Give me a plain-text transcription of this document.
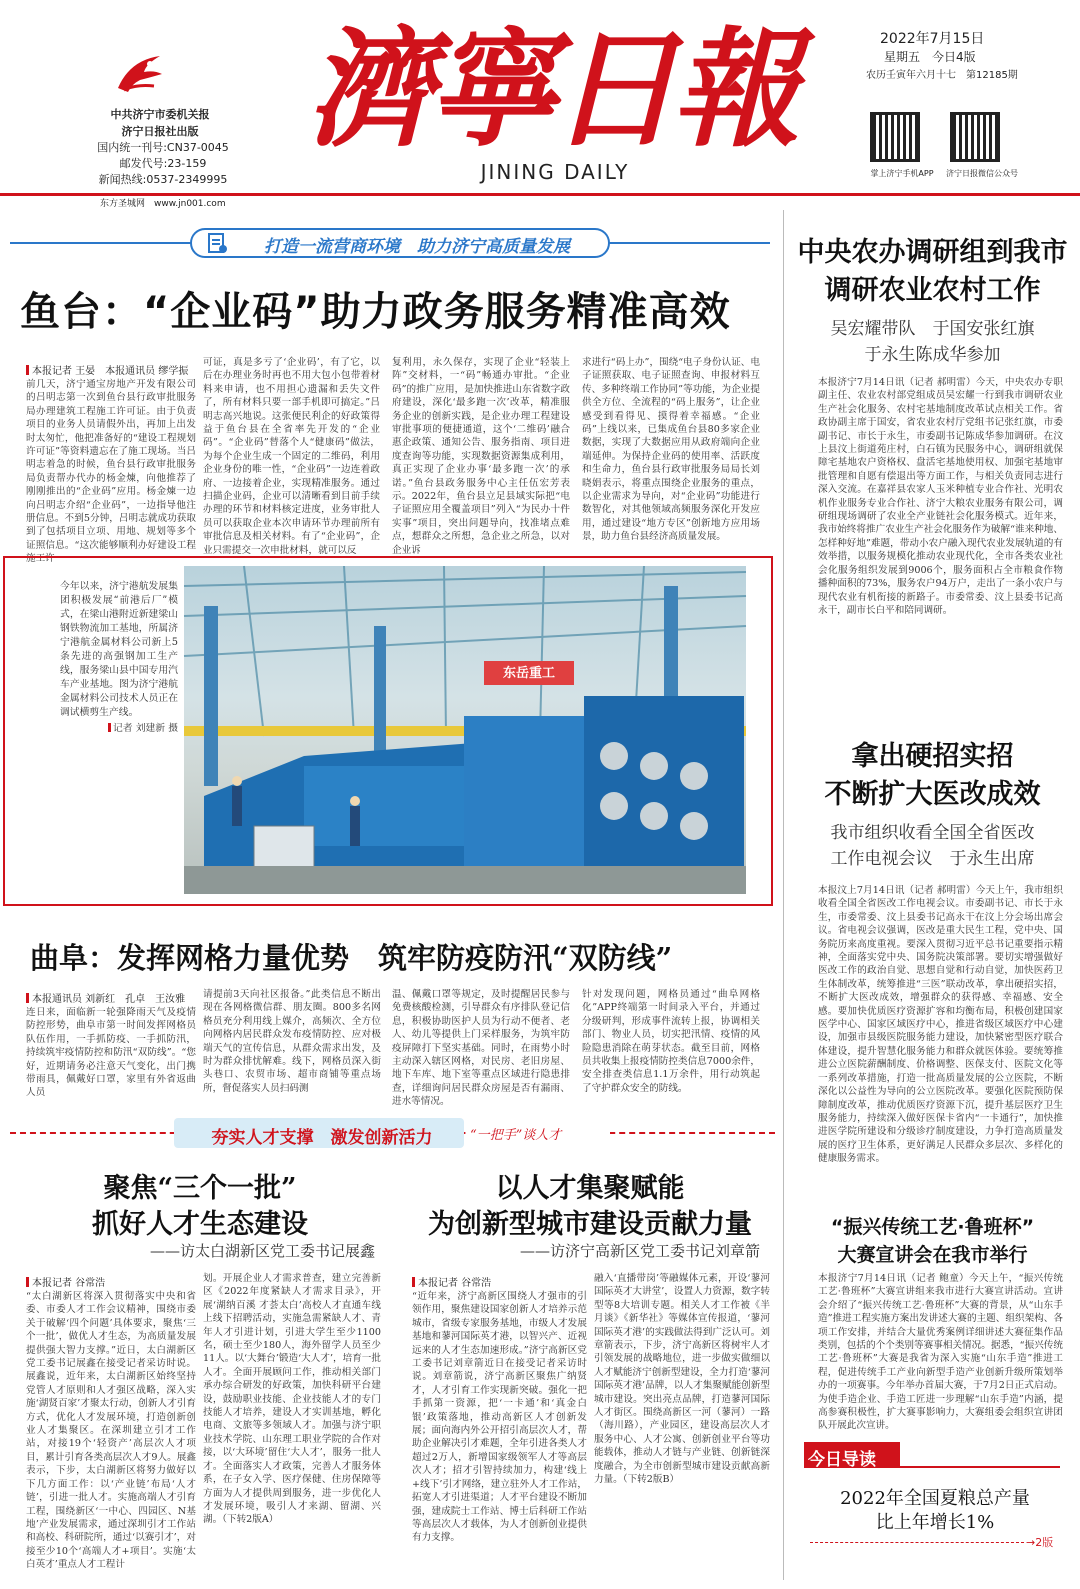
中共济宁市委机关报
济宁日报社出版
国内统一刊号:CN37-0045
邮发代号:23-159
新闻热线:0537-2349995
濟寧日報
JINING DAILY
2022年7月15日
星期五　今日4版
农历壬寅年六月十七　第12185期
掌上济宁手机APP	济宁日报微信公众号
东方圣城网　www.jn001.com
打造一流营商环境　助力济宁高质量发展
鱼台：“企业码”助力政务服务精准高效
本报记者 王晏　本报通讯员 缪学振
前几天，济宁通宝房地产开发有限公司的吕明志第一次到鱼台县行政审批服务局办理建筑工程施工许可证。由于负责项目的业务人员请假外出，再加上出发时太匆忙，他把准备好的“建设工程规划许可证”等资料遗忘在了施工现场。当吕明志着急的时候，鱼台县行政审批服务局负责帮办代办的杨金煉，向他推荐了刚刚推出的“企业码”应用。杨金煉一边向吕明志介绍“企业码”，一边指导他注册信息。不到5分钟，吕明志就成功获取到了包括项目立项、用地、规划等多个证照信息。“这次能够顺利办好建设工程施工许
可证，真是多亏了‘企业码’，有了它，以后在办理业务时再也不用大包小包带着材料来申请，也不用担心遗漏和丢失文件了，所有材料只要一部手机即可搞定。”吕明志高兴地说。这张便民利企的好政策得益于鱼台县在全省率先开发的“企业码”。“企业码”替落个人“健康码”做法，为每个企业生成一个固定的二维码，利用企业身份的唯一性，“企业码”一边连着政府、一边接着企业，实现精准服务。通过扫描企业码，企业可以清晰看到目前手续办理的环节和材料核定进度，业务审批人员可以获取企业本次申请环节办理前所有审批信息及相关材料。有了“企业码”，企业只需提交一次申批材料，就可以反
复利用，永久保存，实现了企业“轻装上阵”交材料，一“码”畅通办审批。“企业码”的推广应用，是加快推进山东省数字政府建设，深化‘最多跑一次’改革，精准服务企业的创新实践，是企业办理工程建设审批事项的便捷通道，这个‘二维码’融合惠企政策、通知公告、服务指南、项目进度查询等功能，实现数据资源集成利用，真正实现了企业办事‘最多跑一次’的承诺。”鱼台县政务服务中心主任伍宏芳表示。2022年，鱼台县立足县域实际把“电子证照应用全覆盖项目”列入“为民办十件实事”项目，突出问题导向，找准堵点难点，想群众之所想，急企业之所急，以对企业诉
求进行“码上办”，围绕“电子身份认证、电子证照获取、电子证照查询、申报材料互传、多种终端工作协同”等功能，为企业提供全方位、全流程的“码上服务”，让企业感受到看得见、摸得着幸福感。“企业码”上线以来，已集成鱼台县80多家企业数据，实现了大数据应用从政府端向企业端延伸。为保持企业码的使用率、活跃度和生命力，鱼台县行政审批服务局局长刘晓娟表示，将重点围绕企业服务的重点，以企业需求为导向，对“企业码”功能进行数智化，对其他领域高频服务深化开发应用，通过建设“地方专区”创新地方应用场景，助力鱼台县经济高质量发展。
今年以来，济宁港航发展集团积极发展“前港后厂”模式，在梁山港附近新建梁山钢铁物流加工基地，所属济宁港航金属材料公司新上5条先进的高强钢加工生产线，服务梁山县中国专用汽车产业基地。图为济宁港航金属材料公司技术人员正在调试横剪生产线。
记者 刘建新 摄
东岳重工
曲阜：发挥网格力量优势　筑牢防疫防汛“双防线”
本报通讯员 刘新红　孔卓　王汝雅
连日来，面临新一轮强降雨天气及疫情防控形势，曲阜市第一时间发挥网格员队伍作用，一手抓防疫、一手抓防汛，持续筑牢疫情防控和防汛“双防线”。“您好，近期请务必注意天气变化，出门携带雨具，佩戴好口罩，家里有外省返曲人员
请提前3天向社区报备。”此类信息不断出现在各网格微信群、朋友圈。800多名网格员充分利用线上媒介，高频次、全方位向网格内居民群众发布疫情防控、应对极端天气的宣传信息，从群众需求出发，及时为群众排忧解难。线下，网格员深入街头巷口、农贸市场、超市商铺等重点场所，督促落实人员扫码测
温、佩戴口罩等规定，及时提醒居民参与免费核酸检测，引导群众有序排队登记信息，积极协助医护人员为行动不便者、老人、幼儿等提供上门采样服务，为筑牢防疫屏障打下坚实基础。同时，在雨势小时主动深入辖区网格，对民房、老旧房屋、地下车库、地下室等重点区域进行隐患排查，详细询问居民群众房屋是否有漏雨、进水等情况。
针对发现问题，网格员通过“曲阜网格化”APP终端第一时间录入平台，并通过分级研判，形成事件流转上报，协调相关部门、物业人员，切实把汛情、疫情的风险隐患消除在萌芽状态。截至目前，网格员共收集上报疫情防控类信息7000余件，安全排查类信息1.1万余件，用行动筑起了守护群众安全的防线。
夯实人才支撑　激发创新活力	“一把手”谈人才
聚焦“三个一批”
抓好人才生态建设
——访太白湖新区党工委书记展鑫
本报记者 谷常浩
“太白湖新区将深入贯彻落实中央和省委、市委人才工作会议精神，围绕市委关于破解‘四个问题’具体要求，聚焦‘三个一批’，做优人才生态，为高质量发展提供强大智力支撑。”近日，太白湖新区党工委书记展鑫在接受记者采访时说。展鑫说，近年来，太白湖新区始终坚持党管人才原则和人才强区战略，深入实施‘湖贤百家’才聚太行动，创新人才引育方式，优化人才发展环境，打造创新创业人才集聚区。在深圳建立引才工作站，对接19个‘轻资产’高层次人才项目，累计引育各类高层次人才9人。展鑫表示，下步，太白湖新区将努力做好以下几方面工作：以‘产业链’布局‘人才链’，引进一批人才。实施高端人才引育工程，围绕新区‘一中心、四园区、N基地’产业发展需求，通过深圳引才工作站和高校、科研院所，通过‘以赛引才’，对接至少10个‘高端人才+项目’。实施‘太白英才’重点人才工程计
划。开展企业人才需求普查，建立完善新区《2022年度紧缺人才需求目录》，开展‘湖纳百溪 才荟太白’高校人才直通车线上线下招聘活动，实施急需紧缺人才、青年人才引进计划，引进大学生至少1100名，硕士至少180人，海外留学人员至少11人。以‘大舞台’锻造‘大人才’，培育一批人才。全面开展顾问工作，推动相关部门承办综合研发的好政策，加快科研平台建设，鼓励职业技能、企业技能人才的专门技能人才培养，建设人才实训基地，孵化电商、文旅等多领域人才。加强与济宁职业技术学院、山东理工职业学院的合作对接，以‘大环境’留住‘大人才’，服务一批人才。全面落实人才政策，完善人才服务体系，在子女入学、医疗保健、住房保障等方面为人才提供周到服务，进一步优化人才发展环境，吸引人才来湖、留湖、兴湖。（下转2版A）
以人才集聚赋能
为创新型城市建设贡献力量
——访济宁高新区党工委书记刘章箭
本报记者 谷常浩
“近年来，济宁高新区围绕人才强市的引领作用，聚焦建设国家创新人才培养示范城市，省级专家服务基地，市级人才发展基地和蓼河国际英才港，以智兴产、近视远来的人才生态加速形成。”济宁高新区党工委书记刘章箭近日在接受记者采访时说。刘章箭说，济宁高新区聚焦广纳贤才，人才引育工作实现新突破。强化一把手抓第一资源，把‘一卡通’和‘真金白银’政策落地，推动高新区人才创新发展；面向海内外公开招引高层次人才，帮助企业解决引才难题，全年引进各类人才超过2万人，新增国家级领军人才等高层次人才；招才引智持续加力，构建‘线上+线下’引才网络，建立驻外人才工作站，拓宽人才引进渠道；人才平台建设不断加强，建成院士工作站、博士后科研工作站等高层次人才载体，为人才创新创业提供有力支撑。
融入‘直播带岗’等融媒体元素，开设‘蓼河国际英才大讲堂’，设置人力资源，数字转型等8大培训专题。相关人才工作被《半月谈》《新华社》等媒体宣传报道，‘蓼河国际英才港’的实践做法得到广泛认可。刘章箭表示，下步，济宁高新区将树牢人才引领发展的战略地位，进一步做实做细以人才赋能济宁创新型建设，全力打造‘蓼河国际英才港’品牌，以人才集聚赋能创新型城市建设。突出亮点品牌，打造蓼河国际人才街区。围绕高新区一河（蓼河）一路（海川路），产业园区，建设高层次人才服务中心、人才公寓、创新创业平台等功能载体，推动人才链与产业链、创新链深度融合，为全市创新型城市建设贡献高新力量。（下转2版B）
中央农办调研组到我市
调研农业农村工作
吴宏耀带队　于国安张红旗
于永生陈成华参加
本报济宁7月14日讯（记者 郝明雷）今天，中央农办专职副主任、农业农村部党组成员吴宏耀一行到我市调研农业生产社会化服务、农村宅基地制度改革试点相关工作。省政协副主席于国安，省农业农村厅党组书记张红旗，市委副书记、市长于永生，市委副书记陈成华参加调研。在汶上县汶上街道苑庄村，白石镇为民服务中心，调研组就保障宅基地农户资格权、盘活宅基地使用权、加强宅基地审批管理和自愿有偿退出等方面工作，与相关负责同志进行深入交流。在嘉祥县农家人玉米种植专业合作社、光明农机作业服务专业合作社、济宁大粮农业服务有限公司，调研组现场调研了农业全产业链社会化服务模式。近年来，我市始终将推广农业生产社会化服务作为破解“谁来种地、怎样种好地”难题，带动小农户融入现代农业发展轨道的有效举措，以服务规模化推动农业现代化，全市各类农业社会化服务组织发展到9006个，服务面积占全市粮食作物播种面积的73%，服务农户94万户，走出了一条小农户与现代农业有机衔接的新路子。市委常委、汶上县委书记高永干，副市长白平和陪同调研。
拿出硬招实招
不断扩大医改成效
我市组织收看全国全省医改
工作电视会议　于永生出席
本报汶上7月14日讯（记者 郝明雷）今天上午，我市组织收看全国全省医改工作电视会议。市委副书记、市长于永生，市委常委、汶上县委书记高永干在汶上分会场出席会议。省电视会议强调，医改是重大民生工程，党中央、国务院历来高度重视。要深入贯彻习近平总书记重要指示精神，全面落实党中央、国务院决策部署。要切实增强做好医改工作的政治自觉、思想自觉和行动自觉，加快医药卫生体制改革，统筹推进“三医”联动改革，拿出硬招实招，不断扩大医改成效，增强群众的获得感、幸福感、安全感。要加快优质医疗资源扩容和均衡布局，积极创建国家医学中心、国家区域医疗中心，推进省级区域医疗中心建设，加强市县级医院服务能力建设，加快紧密型医疗联合体建设，提升智慧化服务能力和群众就医体验。要统筹推进公立医院薪酬制度、价格调整、医保支付、医院文化等一系列改革措施，打造一批高质量发展的公立医院，不断深化以公益性为导向的公立医院改革。要强化医院预防保障制度改革，推动优质医疗资源下沉，提升基层医疗卫生服务能力，持续深入做好医保卡省内“一卡通行”，加快推进医学院所建设和分级诊疗制度建设，力争打造高质量发展的医疗卫生体系，更好满足人民群众多层次、多样化的健康服务需求。
“振兴传统工艺·鲁班杯”
大赛宣讲会在我市举行
本报济宁7月14日讯（记者 鲍童）今天上午，“振兴传统工艺·鲁班杯”大赛宣讲组来我市进行大赛宣讲活动。宣讲会介绍了“振兴传统工艺·鲁班杯”大赛的背景，从“山东手造”推进工程实施方案出发讲述大赛的主题、组织架构、各项工作安排，并结合大量优秀案例详细讲述大赛征集作品类别，包括的个个类别等赛事相关情况。据悉，“振兴传统工艺·鲁班杯”大赛是我省为深入实施“山东手造”推进工程，促进传统手工产业向新型手造产业创新升级所策划举办的一项赛事。今年举办首届大赛，于7月2日正式启动。为使手造企业、手造工匠进一步理解“山东手造”内涵，提高参赛积极性，扩大赛事影响力，大赛组委会组织宣讲团队开展此次宣讲。
今日导读
2022年全国夏粮总产量
比上年增长1%
→2版
